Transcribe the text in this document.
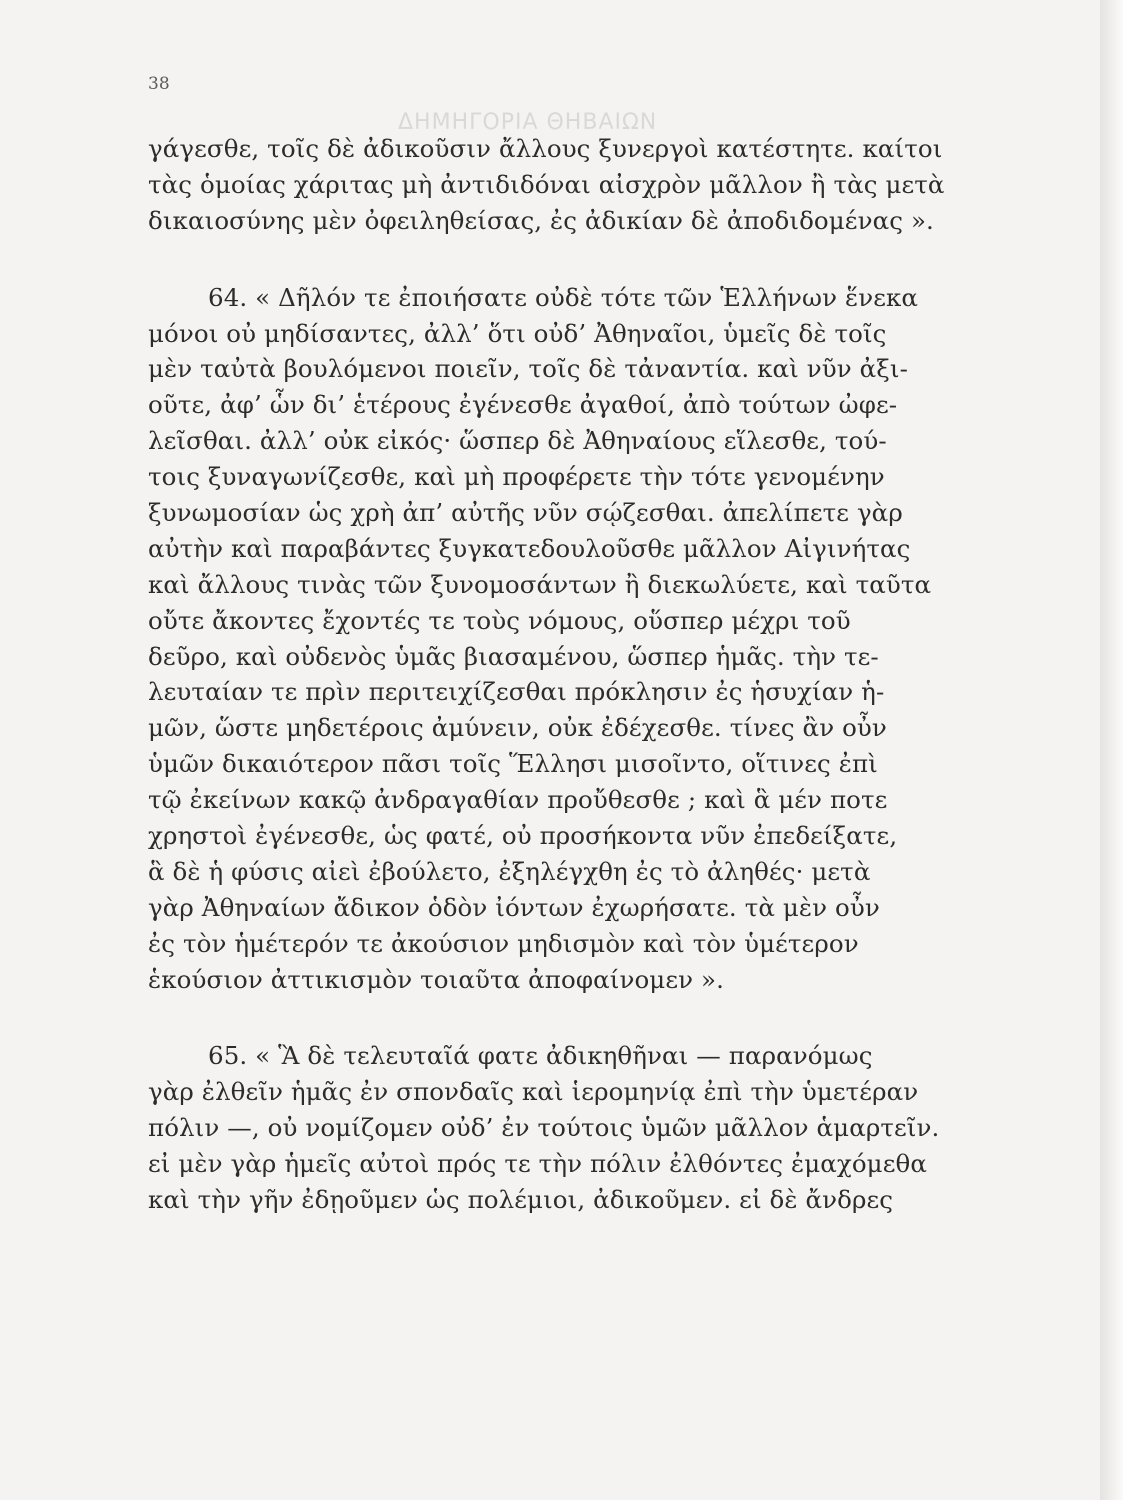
ΔΗΜΗΓΟΡΙΑ ΘΗΒΑΙΩΝ
38
γάγεσθε, τοῖς δὲ ἀδικοῦσιν ἄλλους ξυνεργοὶ κατέστητε. καίτοι
τὰς ὁμοίας χάριτας μὴ ἀντιδιδόναι αἰσχρὸν μᾶλλον ἢ τὰς μετὰ
δικαιοσύνης μὲν ὀφειληθείσας, ἐς ἀδικίαν δὲ ἀποδιδομένας ».
64. « Δῆλόν τε ἐποιήσατε οὐδὲ τότε τῶν Ἑλλήνων ἕνεκα
μόνοι οὐ μηδίσαντες, ἀλλ’ ὅτι οὐδ’ Ἀθηναῖοι, ὑμεῖς δὲ τοῖς
μὲν ταὐτὰ βουλόμενοι ποιεῖν, τοῖς δὲ τἀναντία. καὶ νῦν ἀξι-
οῦτε, ἀφ’ ὧν δι’ ἑτέρους ἐγένεσθε ἀγαθοί, ἀπὸ τούτων ὠφε-
λεῖσθαι. ἀλλ’ οὐκ εἰκός· ὥσπερ δὲ Ἀθηναίους εἵλεσθε, τού-
τοις ξυναγωνίζεσθε, καὶ μὴ προφέρετε τὴν τότε γενομένην
ξυνωμοσίαν ὡς χρὴ ἀπ’ αὐτῆς νῦν σῴζεσθαι. ἀπελίπετε γὰρ
αὐτὴν καὶ παραβάντες ξυγκατεδουλοῦσθε μᾶλλον Αἰγινήτας
καὶ ἄλλους τινὰς τῶν ξυνομοσάντων ἢ διεκωλύετε, καὶ ταῦτα
οὔτε ἄκοντες ἔχοντές τε τοὺς νόμους, οὕσπερ μέχρι τοῦ
δεῦρο, καὶ οὐδενὸς ὑμᾶς βιασαμένου, ὥσπερ ἡμᾶς. τὴν τε-
λευταίαν τε πρὶν περιτειχίζεσθαι πρόκλησιν ἐς ἡσυχίαν ἡ-
μῶν, ὥστε μηδετέροις ἀμύνειν, οὐκ ἐδέχεσθε. τίνες ἂν οὖν
ὑμῶν δικαιότερον πᾶσι τοῖς Ἕλλησι μισοῖντο, οἵτινες ἐπὶ
τῷ ἐκείνων κακῷ ἀνδραγαθίαν προὔθεσθε ; καὶ ἃ μέν ποτε
χρηστοὶ ἐγένεσθε, ὡς φατέ, οὐ προσήκοντα νῦν ἐπεδείξατε,
ἃ δὲ ἡ φύσις αἰεὶ ἐβούλετο, ἐξηλέγχθη ἐς τὸ ἀληθές· μετὰ
γὰρ Ἀθηναίων ἄδικον ὁδὸν ἰόντων ἐχωρήσατε. τὰ μὲν οὖν
ἐς τὸν ἡμέτερόν τε ἀκούσιον μηδισμὸν καὶ τὸν ὑμέτερον
ἑκούσιον ἀττικισμὸν τοιαῦτα ἀποφαίνομεν ».
65. « Ἃ δὲ τελευταῖά φατε ἀδικηθῆναι — παρανόμως
γὰρ ἐλθεῖν ἡμᾶς ἐν σπονδαῖς καὶ ἱερομηνίᾳ ἐπὶ τὴν ὑμετέραν
πόλιν —, οὐ νομίζομεν οὐδ’ ἐν τούτοις ὑμῶν μᾶλλον ἁμαρτεῖν.
εἰ μὲν γὰρ ἡμεῖς αὐτοὶ πρός τε τὴν πόλιν ἐλθόντες ἐμαχόμεθα
καὶ τὴν γῆν ἐδῃοῦμεν ὡς πολέμιοι, ἀδικοῦμεν. εἰ δὲ ἄνδρες
